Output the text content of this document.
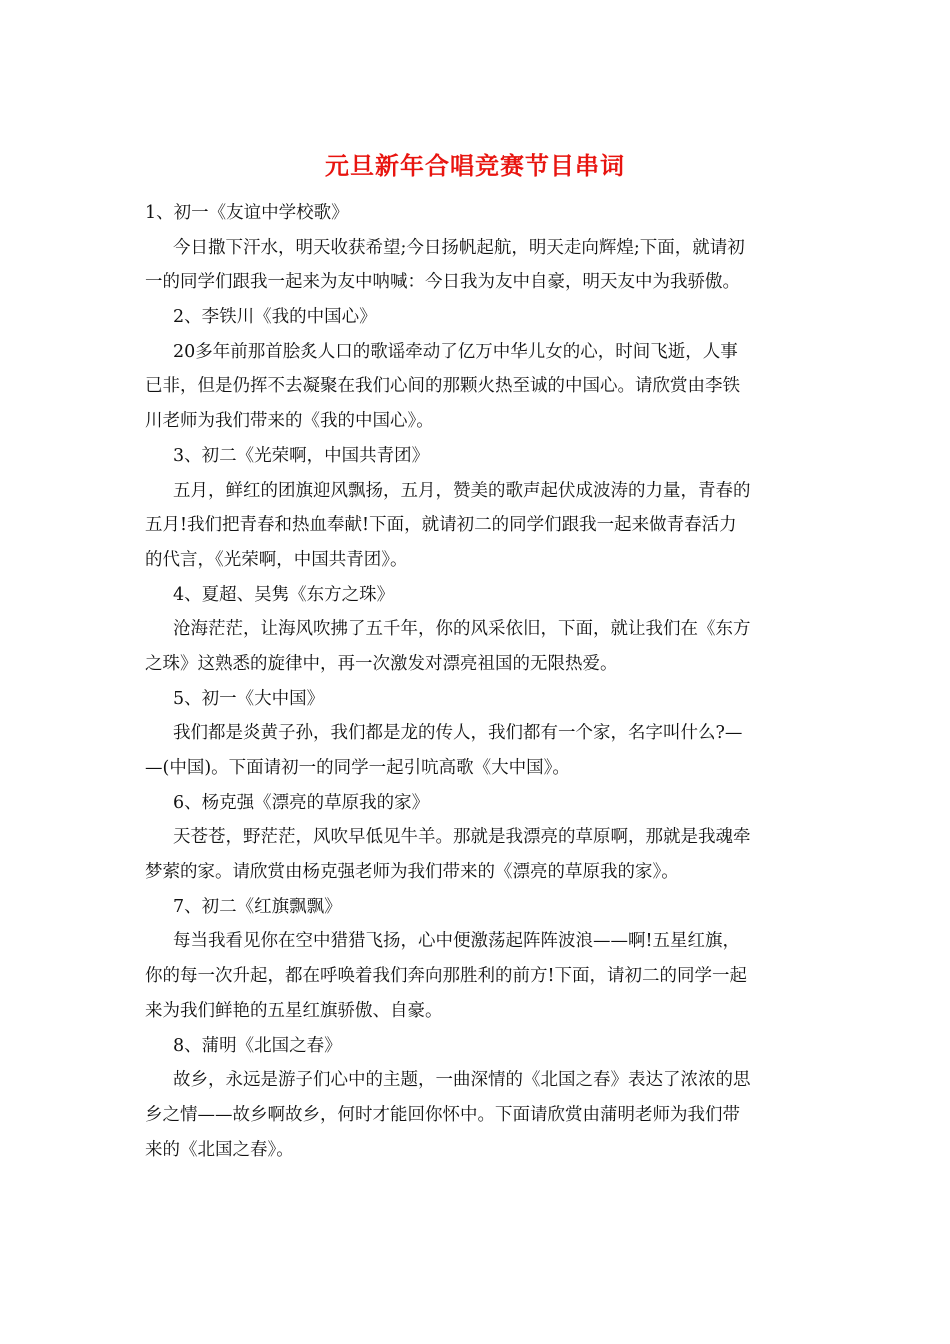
元旦新年合唱竞赛节目串词
1、初一《友谊中学校歌》
今日撒下汗水，明天收获希望;今日扬帆起航，明天走向辉煌;下面，就请初
一的同学们跟我一起来为友中呐喊：今日我为友中自豪，明天友中为我骄傲。
2、李铁川《我的中国心》
20多年前那首脍炙人口的歌谣牵动了亿万中华儿女的心，时间飞逝，人事
已非，但是仍挥不去凝聚在我们心间的那颗火热至诚的中国心。请欣赏由李铁
川老师为我们带来的《我的中国心》。
3、初二《光荣啊，中国共青团》
五月，鲜红的团旗迎风飘扬，五月，赞美的歌声起伏成波涛的力量，青春的
五月!我们把青春和热血奉献!下面，就请初二的同学们跟我一起来做青春活力
的代言，《光荣啊，中国共青团》。
4、夏超、吴隽《东方之珠》
沧海茫茫，让海风吹拂了五千年，你的风采依旧，下面，就让我们在《东方
之珠》这熟悉的旋律中，再一次激发对漂亮祖国的无限热爱。
5、初一《大中国》
我们都是炎黄子孙，我们都是龙的传人，我们都有一个家，名字叫什么?—
—(中国)。下面请初一的同学一起引吭高歌《大中国》。
6、杨克强《漂亮的草原我的家》
天苍苍，野茫茫，风吹早低见牛羊。那就是我漂亮的草原啊，那就是我魂牵
梦萦的家。请欣赏由杨克强老师为我们带来的《漂亮的草原我的家》。
7、初二《红旗飘飘》
每当我看见你在空中猎猎飞扬，心中便激荡起阵阵波浪——啊!五星红旗，
你的每一次升起，都在呼唤着我们奔向那胜利的前方!下面，请初二的同学一起
来为我们鲜艳的五星红旗骄傲、自豪。
8、蒲明《北国之春》
故乡，永远是游子们心中的主题，一曲深情的《北国之春》表达了浓浓的思
乡之情——故乡啊故乡，何时才能回你怀中。下面请欣赏由蒲明老师为我们带
来的《北国之春》。
